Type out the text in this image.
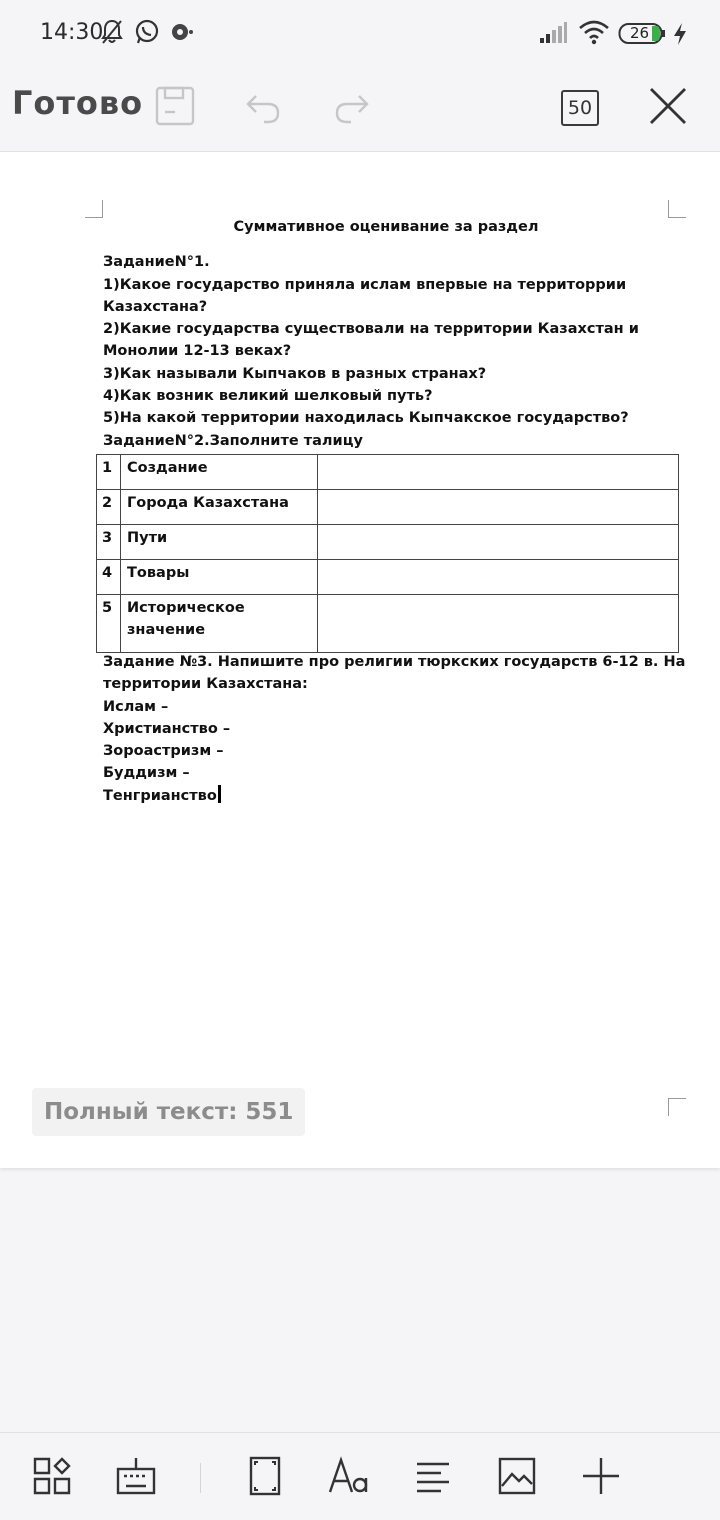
14:30	26
Готово	50
Суммативное оценивание за раздел
ЗаданиеN°1.
1)Какое государство приняла ислам впервые на территоррии
Казахстана?
2)Какие государства существовали на территории Казахстан и
Монолии 12-13 веках?
3)Как называли Кыпчаков в разных странах?
4)Как возник великий шелковый путь?
5)На какой территории находилась Кыпчакское государство?
ЗаданиеN°2.Заполните талицу
1	Создание	
2	Города Казахстана	
3	Пути	
4	Товары	
5	Историческое значение	
Задание №3. Напишите про религии тюркских государств 6-12 в. На
территории Казахстана:
Ислам –
Христианство –
Зороастризм –
Буддизм –
Тенгрианство
Полный текст: 551
